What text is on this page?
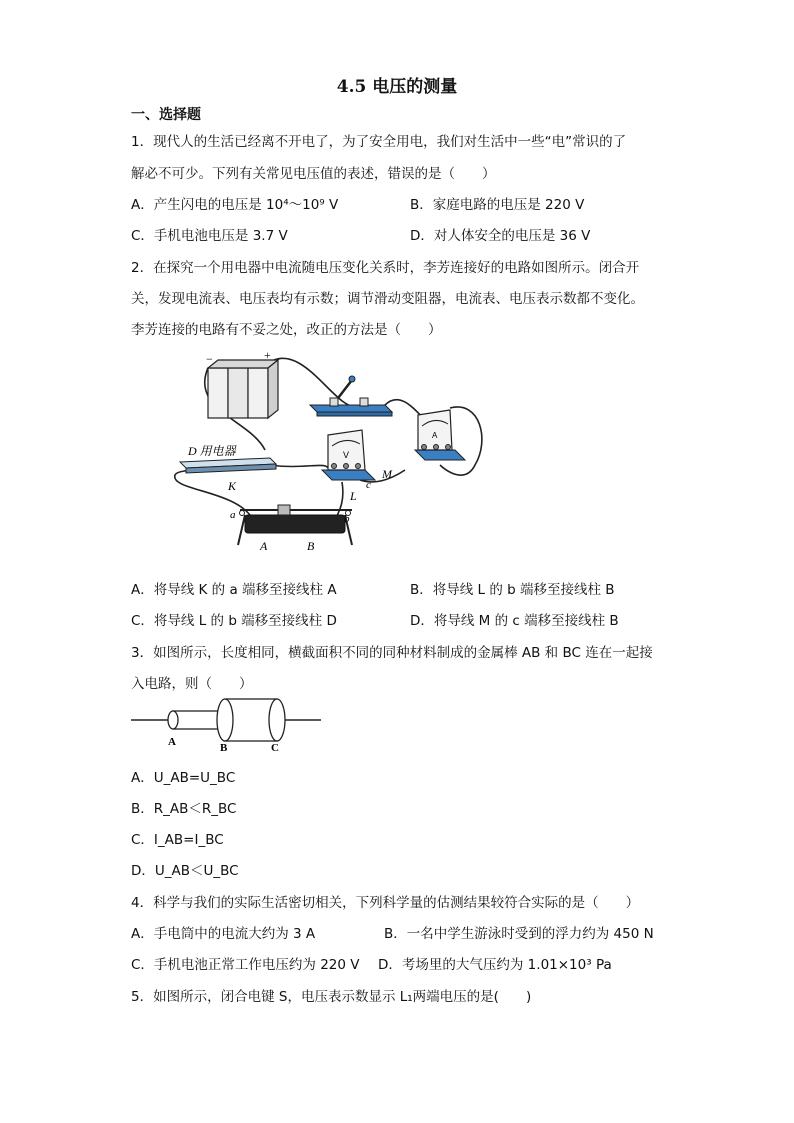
4.5 电压的测量
一、选择题
1．现代人的生活已经离不开电了，为了安全用电，我们对生活中一些“电”常识的了
解必不可少。下列有关常见电压值的表述，错误的是（　　）
A．产生闪电的电压是 10⁴～10⁹ V	B．家庭电路的电压是 220 V
C．手机电池电压是 3.7 V	D．对人体安全的电压是 36 V
2．在探究一个用电器中电流随电压变化关系时，李芳连接好的电路如图所示。闭合开
关，发现电流表、电压表均有示数；调节滑动变阻器，电流表、电压表示数都不变化。
李芳连接的电路有不妥之处，改正的方法是（　　）
−	+
A
V
D 用电器
K
L
M
c
a	b
A	B
A．将导线 K 的 a 端移至接线柱 A	B．将导线 L 的 b 端移至接线柱 B
C．将导线 L 的 b 端移至接线柱 D	D．将导线 M 的 c 端移至接线柱 B
3．如图所示，长度相同，横截面积不同的同种材料制成的金属棒 AB 和 BC 连在一起接
入电路，则（　　）
A	B	C
A．U_AB=U_BC
B．R_AB＜R_BC
C．I_AB=I_BC
D．U_AB＜U_BC
4．科学与我们的实际生活密切相关，下列科学量的估测结果较符合实际的是（　　）
A．手电筒中的电流大约为 3 A	B．一名中学生游泳时受到的浮力约为 450 N
C．手机电池正常工作电压约为 220 V D．考场里的大气压约为 1.01×10³ Pa
5．如图所示，闭合电键 S，电压表示数显示 L₁两端电压的是(　　)
